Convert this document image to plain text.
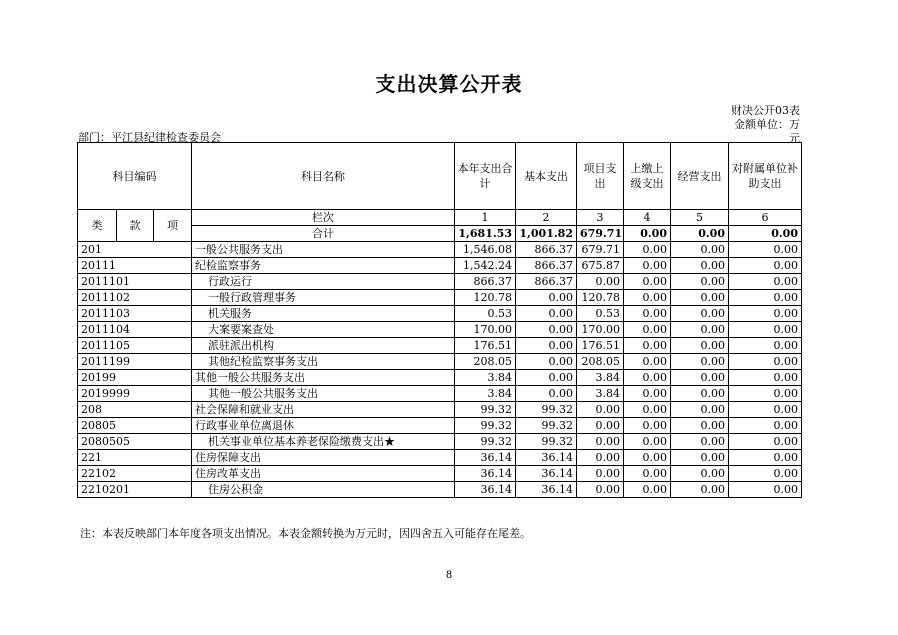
支出决算公开表
财决公开03表
金额单位：万
元
部门：平江县纪律检查委员会
科目编码			科目名称	本年支出合计	基本支出	项目支出	上缴上级支出	经营支出	对附属单位补助支出
类	款	项	栏次	1	2	3	4	5	6
			合计	1,681.53	1,001.82	679.71	0.00	0.00	0.00
201			一般公共服务支出	1,546.08	866.37	679.71	0.00	0.00	0.00
20111			纪检监察事务	1,542.24	866.37	675.87	0.00	0.00	0.00
2011101			行政运行	866.37	866.37	0.00	0.00	0.00	0.00
2011102			一般行政管理事务	120.78	0.00	120.78	0.00	0.00	0.00
2011103			机关服务	0.53	0.00	0.53	0.00	0.00	0.00
2011104			大案要案查处	170.00	0.00	170.00	0.00	0.00	0.00
2011105			派驻派出机构	176.51	0.00	176.51	0.00	0.00	0.00
2011199			其他纪检监察事务支出	208.05	0.00	208.05	0.00	0.00	0.00
20199			其他一般公共服务支出	3.84	0.00	3.84	0.00	0.00	0.00
2019999			其他一般公共服务支出	3.84	0.00	3.84	0.00	0.00	0.00
208			社会保障和就业支出	99.32	99.32	0.00	0.00	0.00	0.00
20805			行政事业单位离退休	99.32	99.32	0.00	0.00	0.00	0.00
2080505			机关事业单位基本养老保险缴费支出★	99.32	99.32	0.00	0.00	0.00	0.00
221			住房保障支出	36.14	36.14	0.00	0.00	0.00	0.00
22102			住房改革支出	36.14	36.14	0.00	0.00	0.00	0.00
2210201			住房公积金	36.14	36.14	0.00	0.00	0.00	0.00
注：本表反映部门本年度各项支出情况。本表金额转换为万元时，因四舍五入可能存在尾差。
8
